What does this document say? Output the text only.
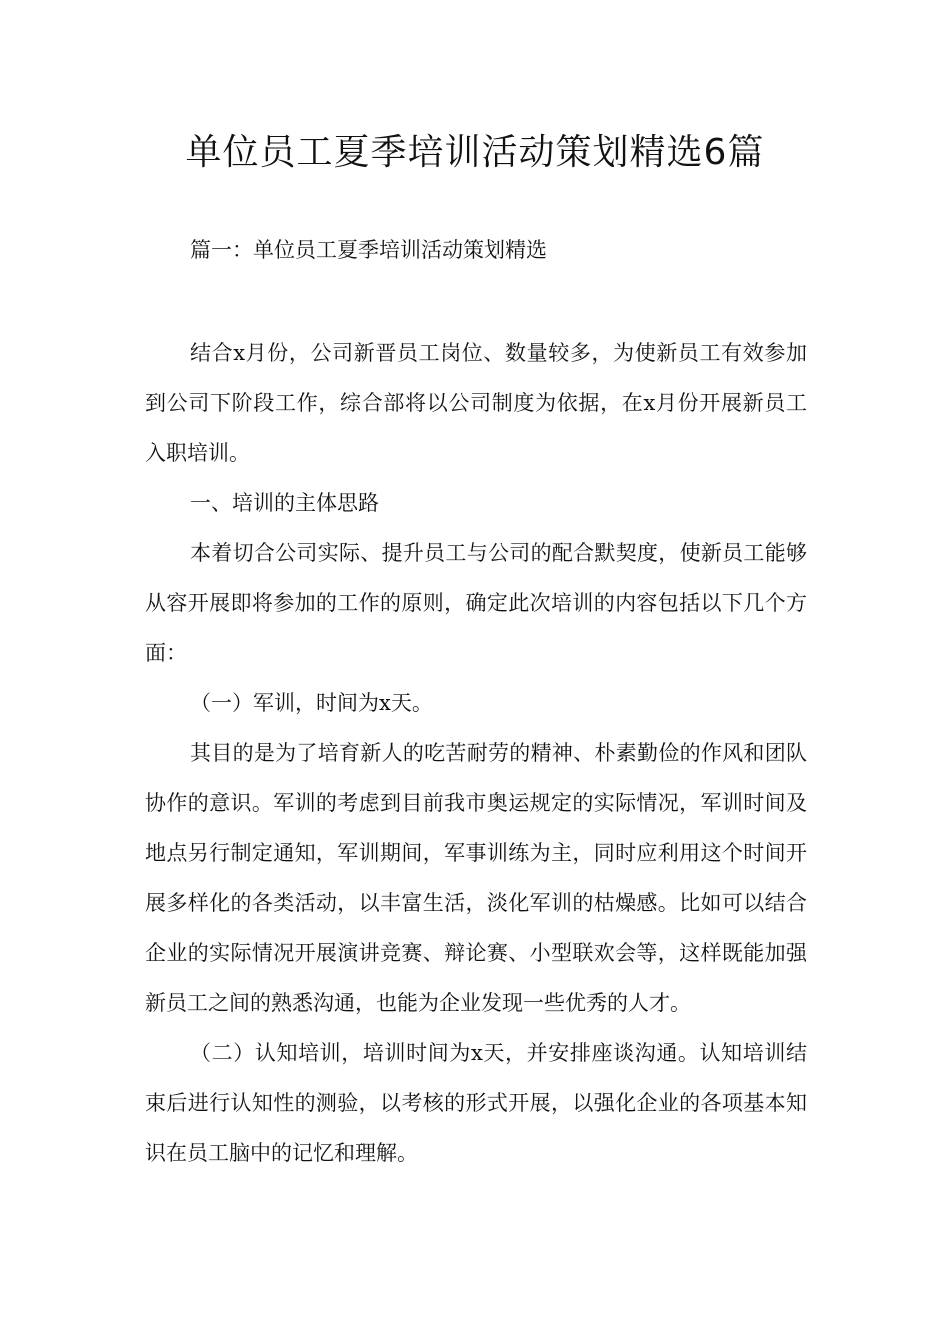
单位员工夏季培训活动策划精选6篇

篇一：单位员工夏季培训活动策划精选

结合x月份，公司新晋员工岗位、数量较多，为使新员工有效参加到公司下阶段工作，综合部将以公司制度为依据，在x月份开展新员工入职培训。

一、培训的主体思路

本着切合公司实际、提升员工与公司的配合默契度，使新员工能够从容开展即将参加的工作的原则，确定此次培训的内容包括以下几个方面：

（一）军训，时间为x天。

其目的是为了培育新人的吃苦耐劳的精神、朴素勤俭的作风和团队协作的意识。军训的考虑到目前我市奥运规定的实际情况，军训时间及地点另行制定通知，军训期间，军事训练为主，同时应利用这个时间开展多样化的各类活动，以丰富生活，淡化军训的枯燥感。比如可以结合企业的实际情况开展演讲竞赛、辩论赛、小型联欢会等，这样既能加强新员工之间的熟悉沟通，也能为企业发现一些优秀的人才。

（二）认知培训，培训时间为x天，并安排座谈沟通。认知培训结束后进行认知性的测验，以考核的形式开展，以强化企业的各项基本知识在员工脑中的记忆和理解。
